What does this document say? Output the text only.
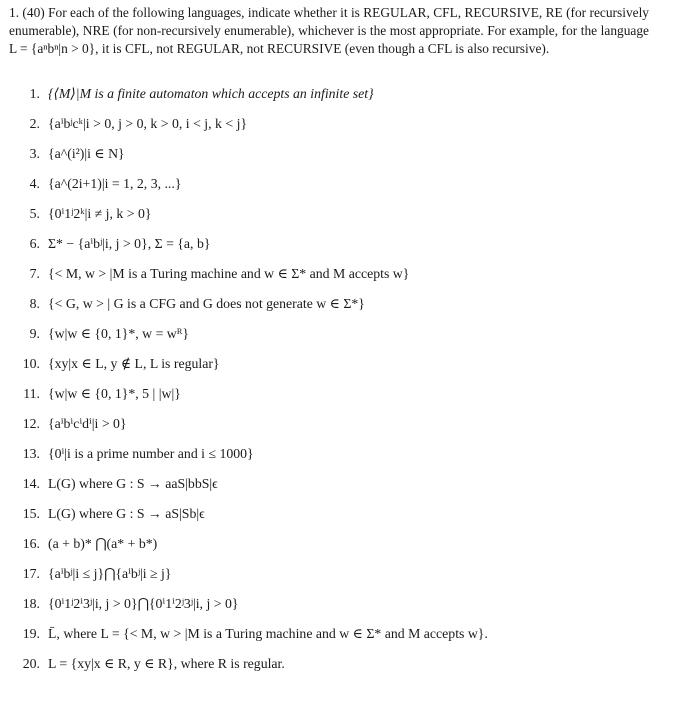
1. (40) For each of the following languages, indicate whether it is REGULAR, CFL, RECURSIVE, RE (for recursively enumerable), NRE (for non-recursively enumerable), whichever is the most appropriate. For example, for the language L = {aⁿbⁿ|n > 0}, it is CFL, not REGULAR, not RECURSIVE (even though a CFL is also recursive).
1. {⟨M⟩|M is a finite automaton which accepts an infinite set}
2. {aⁱbʲcᵏ|i > 0, j > 0, k > 0, i < j, k < j}
3. {a^(i²)|i ∈ N}
4. {a^(2i+1)|i = 1, 2, 3, ...}
5. {0ⁱ1ʲ2ᵏ|i ≠ j, k > 0}
6. Σ* − {aⁱbʲ|i, j > 0}, Σ = {a, b}
7. {< M, w > |M is a Turing machine and w ∈ Σ* and M accepts w}
8. {< G, w > | G is a CFG and G does not generate w ∈ Σ*}
9. {w|w ∈ {0, 1}*, w = wᴿ}
10. {xy|x ∈ L, y ∉ L, L is regular}
11. {w|w ∈ {0, 1}*, 5 | |w|}
12. {aⁱbⁱcⁱdⁱ|i > 0}
13. {0ⁱ|i is a prime number and i ≤ 1000}
14. L(G) where G : S → aaS|bbS|ϵ
15. L(G) where G : S → aS|Sb|ϵ
16. (a + b)* ⋂(a* + b*)
17. {aⁱbʲ|i ≤ j}⋂{aⁱbʲ|i ≥ j}
18. {0ⁱ1ʲ2ⁱ3ʲ|i, j > 0}⋂{0ⁱ1ⁱ2ʲ3ʲ|i, j > 0}
19. L̄, where L = {< M, w > |M is a Turing machine and w ∈ Σ* and M accepts w}.
20. L = {xy|x ∈ R, y ∈ R}, where R is regular.
